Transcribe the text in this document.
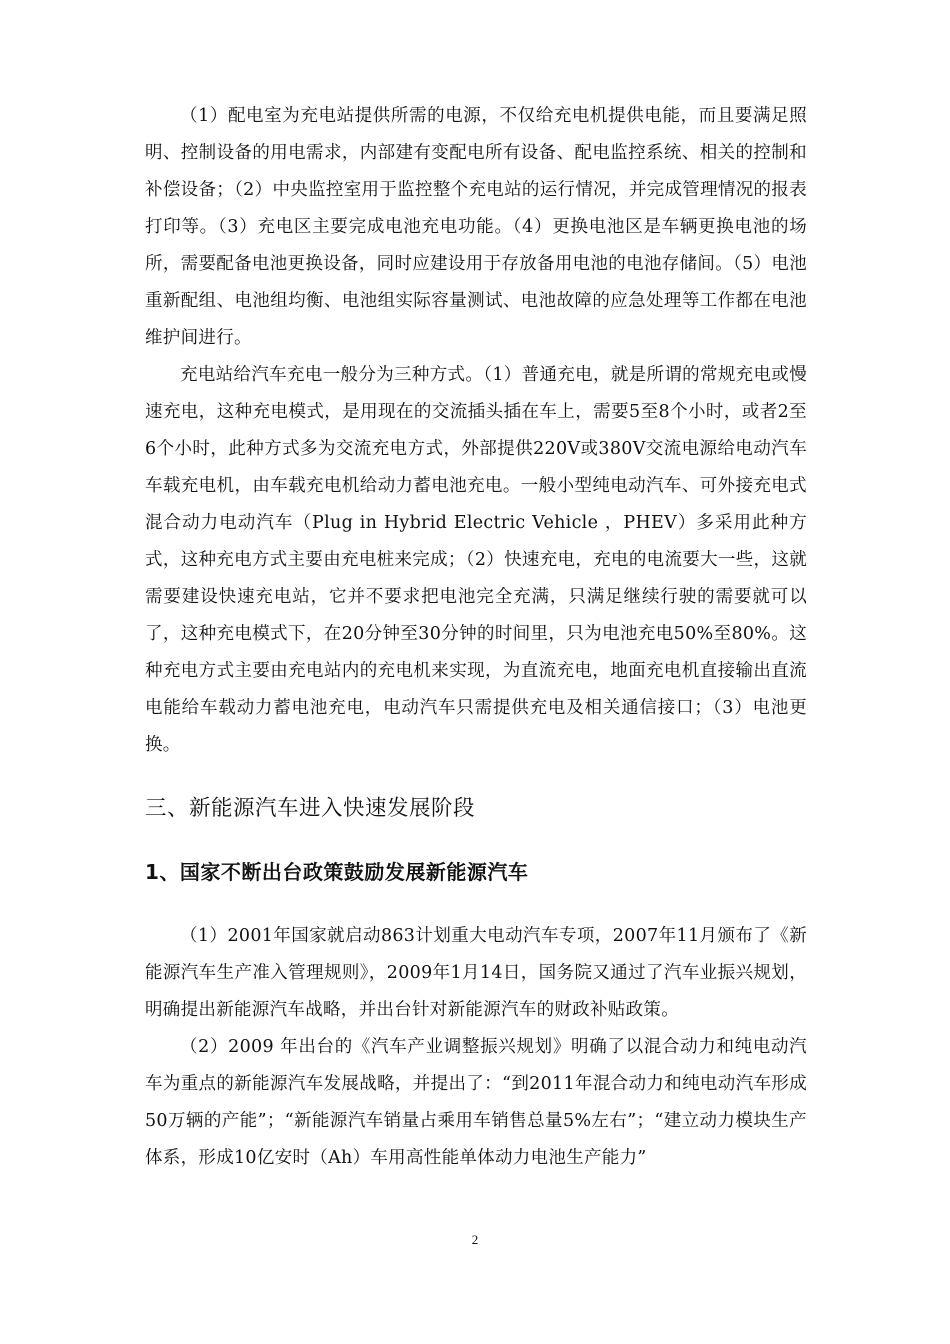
（1）配电室为充电站提供所需的电源，不仅给充电机提供电能，而且要满足照明、控制设备的用电需求，内部建有变配电所有设备、配电监控系统、相关的控制和补偿设备；（2）中央监控室用于监控整个充电站的运行情况，并完成管理情况的报表打印等。（3）充电区主要完成电池充电功能。（4）更换电池区是车辆更换电池的场所，需要配备电池更换设备，同时应建设用于存放备用电池的电池存储间。（5）电池重新配组、电池组均衡、电池组实际容量测试、电池故障的应急处理等工作都在电池维护间进行。

充电站给汽车充电一般分为三种方式。（1）普通充电，就是所谓的常规充电或慢速充电，这种充电模式，是用现在的交流插头插在车上，需要5至8个小时，或者2至6个小时，此种方式多为交流充电方式，外部提供220V或380V交流电源给电动汽车车载充电机，由车载充电机给动力蓄电池充电。一般小型纯电动汽车、可外接充电式混合动力电动汽车（Plug in Hybrid Electric Vehicle ，PHEV）多采用此种方式，这种充电方式主要由充电桩来完成；（2）快速充电，充电的电流要大一些，这就需要建设快速充电站，它并不要求把电池完全充满，只满足继续行驶的需要就可以了，这种充电模式下，在20分钟至30分钟的时间里，只为电池充电50%至80%。这种充电方式主要由充电站内的充电机来实现，为直流充电，地面充电机直接输出直流电能给车载动力蓄电池充电，电动汽车只需提供充电及相关通信接口；（3）电池更换。

三、新能源汽车进入快速发展阶段
1、国家不断出台政策鼓励发展新能源汽车

（1）2001年国家就启动863计划重大电动汽车专项，2007年11月颁布了《新能源汽车生产准入管理规则》，2009年1月14日，国务院又通过了汽车业振兴规划，明确提出新能源汽车战略，并出台针对新能源汽车的财政补贴政策。

（2）2009 年出台的《汽车产业调整振兴规划》明确了以混合动力和纯电动汽车为重点的新能源汽车发展战略，并提出了：“到2011年混合动力和纯电动汽车形成50万辆的产能”；“新能源汽车销量占乘用车销售总量5%左右”；“建立动力模块生产体系，形成10亿安时（Ah）车用高性能单体动力电池生产能力”

2
